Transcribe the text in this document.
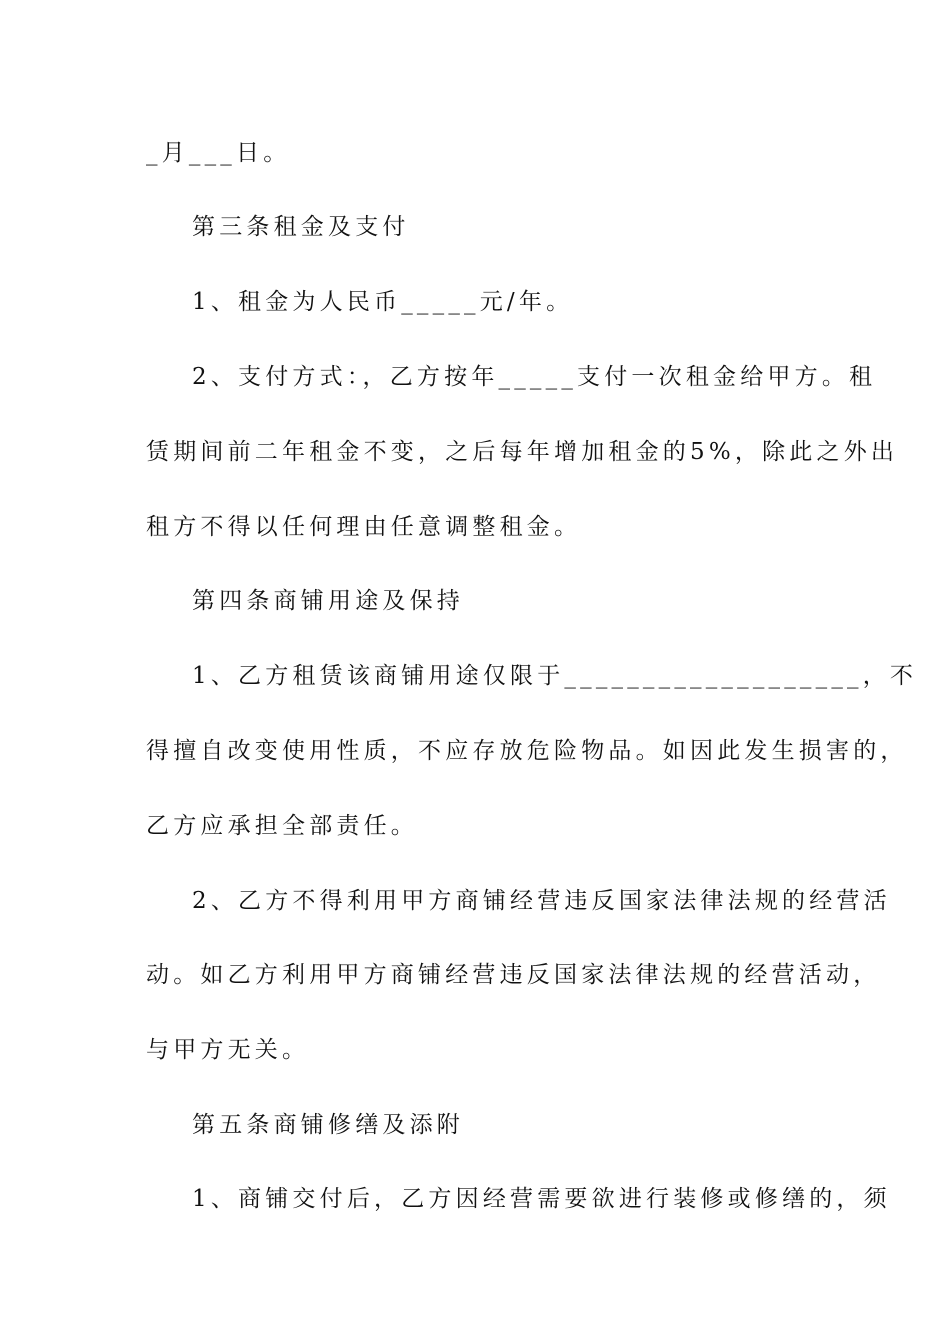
_月___日。
第三条租金及支付
1、租金为人民币_____元/年。
2、支付方式：，乙方按年_____支付一次租金给甲方。租
赁期间前二年租金不变，之后每年增加租金的5%，除此之外出
租方不得以任何理由任意调整租金。
第四条商铺用途及保持
1、乙方租赁该商铺用途仅限于___________________，不
得擅自改变使用性质，不应存放危险物品。如因此发生损害的，
乙方应承担全部责任。
2、乙方不得利用甲方商铺经营违反国家法律法规的经营活
动。如乙方利用甲方商铺经营违反国家法律法规的经营活动，
与甲方无关。
第五条商铺修缮及添附
1、商铺交付后，乙方因经营需要欲进行装修或修缮的，须
